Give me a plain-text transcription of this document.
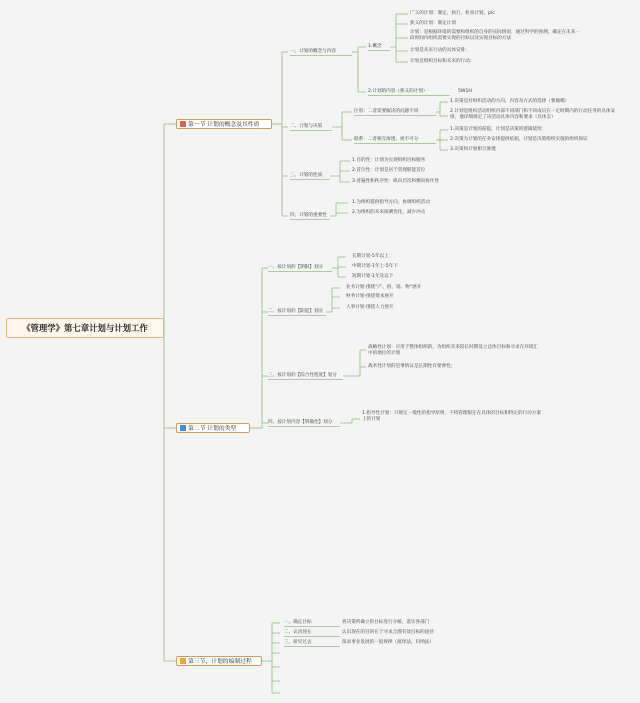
《管理学》第七章计划与计划工作
第一节 计划的概念及其性质
第二节 计划的类型
第三节、计划的编制过程
一、计划的概念与内容
二、计划与决策
三、计划的性质
四、计划的重要性
1.概念
2.计划的内容（狭义的计划）	5W1H
广义的计划：制定、执行、检查计划。plc
狭义的计划：制定计划
计划：是根据环境的需要和组织的自身的实际情况，通过科学的预测，确定在未来一段时间内组织需要实现的目标以及实现目标的方法
计划是未来行动的具体安排；
计划是组织目标和未来的行动；
区别：二者需要解决的问题不同
联系：二者相互渗透、密不可分
1.决策是对组织活动的方向、内容及方式的选择（要做哪）
2.计划是组织活动组织内部不同部门和不同成员在一定时期内的行动任务的具体安排，他详细规定了该活动具体内容和要求（具体怎）
1.决策是计划的前提，计划是决策的逻辑延续
2.决策为计划的任务安排提供依据，计划是决策组织实施的组织保证
3.决策和计划相互渗透
1.目的性：计划为实现组织目标服务
2.首位性：计划是居于管理职能首位
3.普遍性和秩序性：纵向层次和横向协作性
1.为组织提供指导方向，协调组织活动
2.为组织的未来探测变化，减少冲击
一、按计划的【期限】划分
二、按计划的【职能】划分
三、按计划的【综合性程度】划分
四、按计划内容【明确性】划分
长期计划-5年以上
中期计划-1年上-5年下
短期计划-1年及以下
业务计划-围绕“产、供、销、物”展开
财务计划-围绕资本展开
人事计划-围绕人力展开
战略性计划：应用于整体组织的，为组织未来较长时期设立总体目标和寻求在环境汇中的地位的计划
战术性计划的是事情证是长期性有要弹性；
1.指导性计划：只规定一般性的指导原则，不将管理限定在具体的目标和特定的行动方案上的计划
一、确定目标	将决策所确立的目标进行分解，落实各部门
二、认清现在	认识现在的目的在于寻求合理有效目标的途径
三、研究过去	探求事业发展的一般规律（演绎法、归纳法）
